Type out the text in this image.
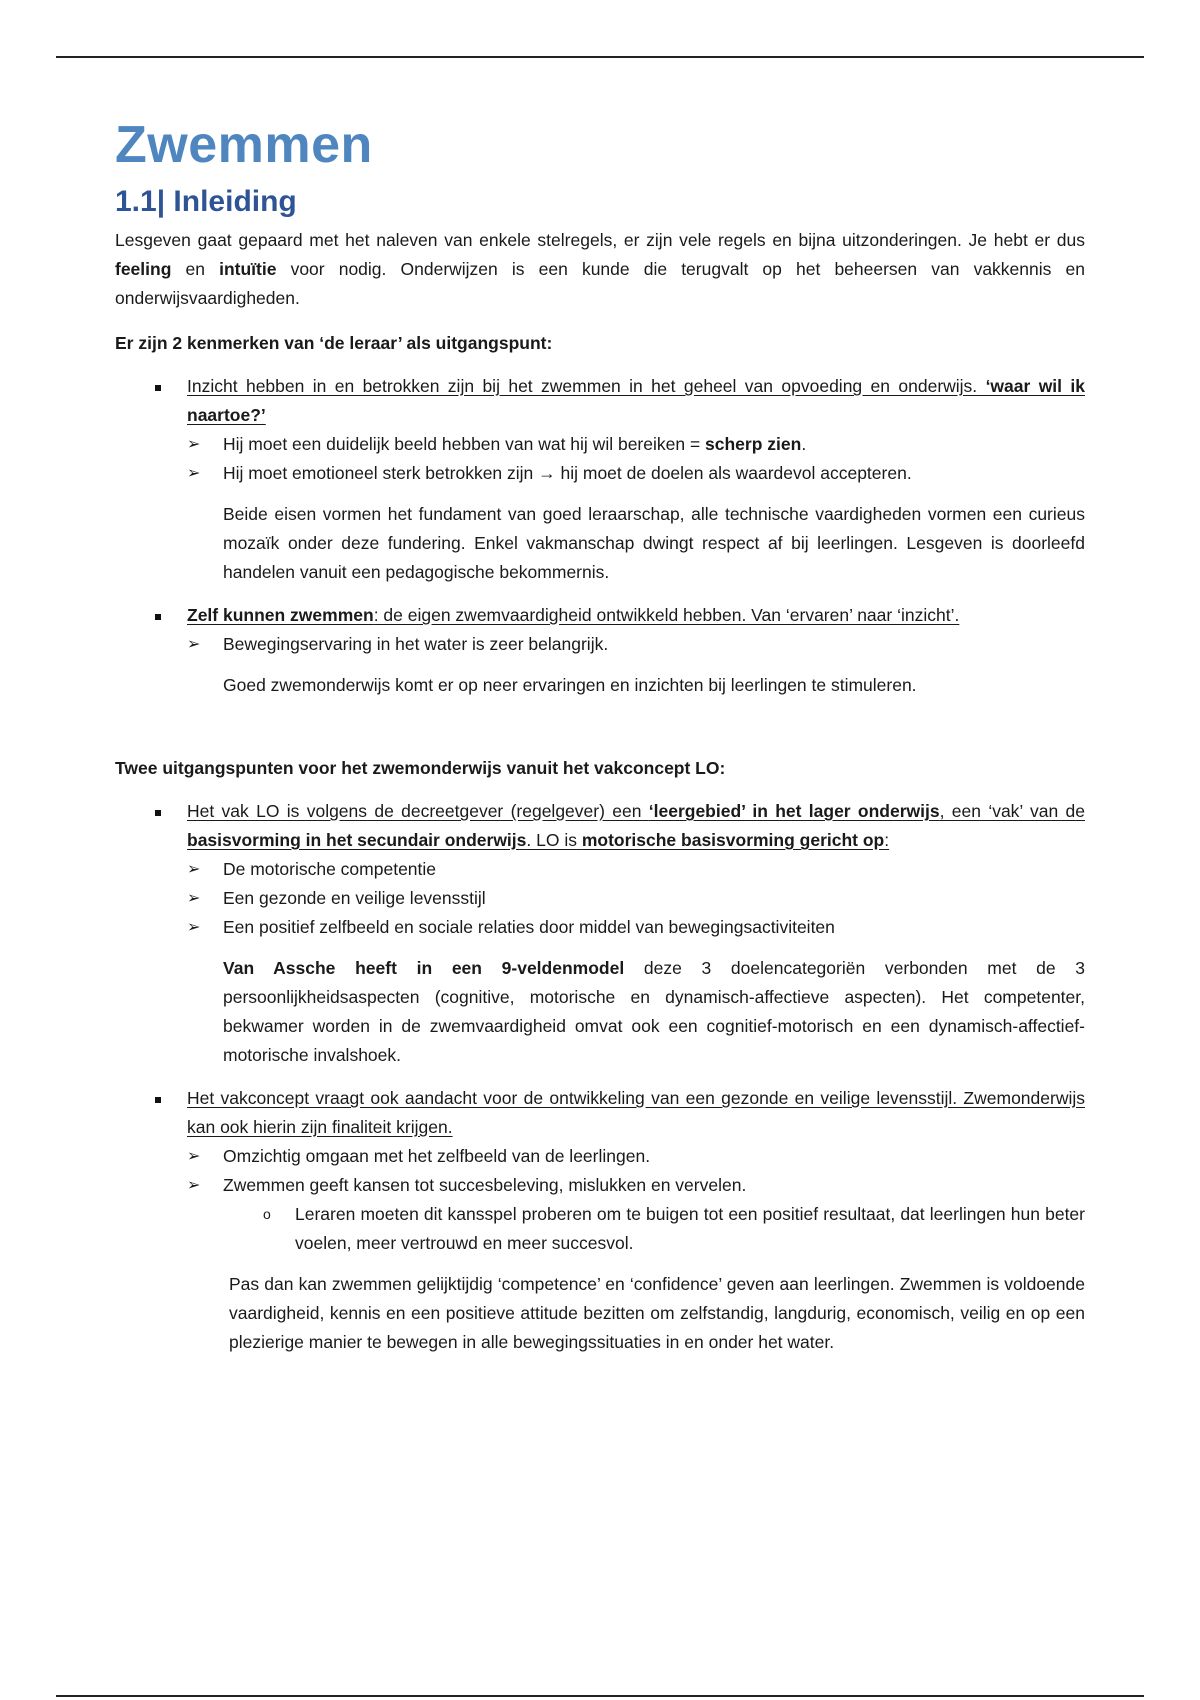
Zwemmen
1.1| Inleiding

Lesgeven gaat gepaard met het naleven van enkele stelregels, er zijn vele regels en bijna uitzonderingen. Je hebt er dus feeling en intuïtie voor nodig. Onderwijzen is een kunde die terugvalt op het beheersen van vakkennis en onderwijsvaardigheden.

Er zijn 2 kenmerken van ‘de leraar’ als uitgangspunt:

Inzicht hebben in en betrokken zijn bij het zwemmen in het geheel van opvoeding en onderwijs. ‘waar wil ik naartoe?’

➢ Hij moet een duidelijk beeld hebben van wat hij wil bereiken = scherp zien.
➢ Hij moet emotioneel sterk betrokken zijn → hij moet de doelen als waardevol accepteren.

Beide eisen vormen het fundament van goed leraarschap, alle technische vaardigheden vormen een curieus mozaïk onder deze fundering. Enkel vakmanschap dwingt respect af bij leerlingen. Lesgeven is doorleefd handelen vanuit een pedagogische bekommernis.

Zelf kunnen zwemmen: de eigen zwemvaardigheid ontwikkeld hebben. Van ‘ervaren’ naar ‘inzicht’.

➢ Bewegingservaring in het water is zeer belangrijk.

Goed zwemonderwijs komt er op neer ervaringen en inzichten bij leerlingen te stimuleren.

Twee uitgangspunten voor het zwemonderwijs vanuit het vakconcept LO:

Het vak LO is volgens de decreetgever (regelgever) een ‘leergebied’ in het lager onderwijs, een ‘vak’ van de basisvorming in het secundair onderwijs. LO is motorische basisvorming gericht op:

➢ De motorische competentie
➢ Een gezonde en veilige levensstijl
➢ Een positief zelfbeeld en sociale relaties door middel van bewegingsactiviteiten

Van Assche heeft in een 9-veldenmodel deze 3 doelencategoriën verbonden met de 3 persoonlijkheidsaspecten (cognitive, motorische en dynamisch-affectieve aspecten). Het competenter, bekwamer worden in de zwemvaardigheid omvat ook een cognitief-motorisch en een dynamisch-affectief-motorische invalshoek.

Het vakconcept vraagt ook aandacht voor de ontwikkeling van een gezonde en veilige levensstijl. Zwemonderwijs kan ook hierin zijn finaliteit krijgen.

➢ Omzichtig omgaan met het zelfbeeld van de leerlingen.
➢ Zwemmen geeft kansen tot succesbeleving, mislukken en vervelen.
o Leraren moeten dit kansspel proberen om te buigen tot een positief resultaat, dat leerlingen hun beter voelen, meer vertrouwd en meer succesvol.

Pas dan kan zwemmen gelijktijdig ‘competence’ en ‘confidence’ geven aan leerlingen. Zwemmen is voldoende vaardigheid, kennis en een positieve attitude bezitten om zelfstandig, langdurig, economisch, veilig en op een plezierige manier te bewegen in alle bewegingssituaties in en onder het water.
